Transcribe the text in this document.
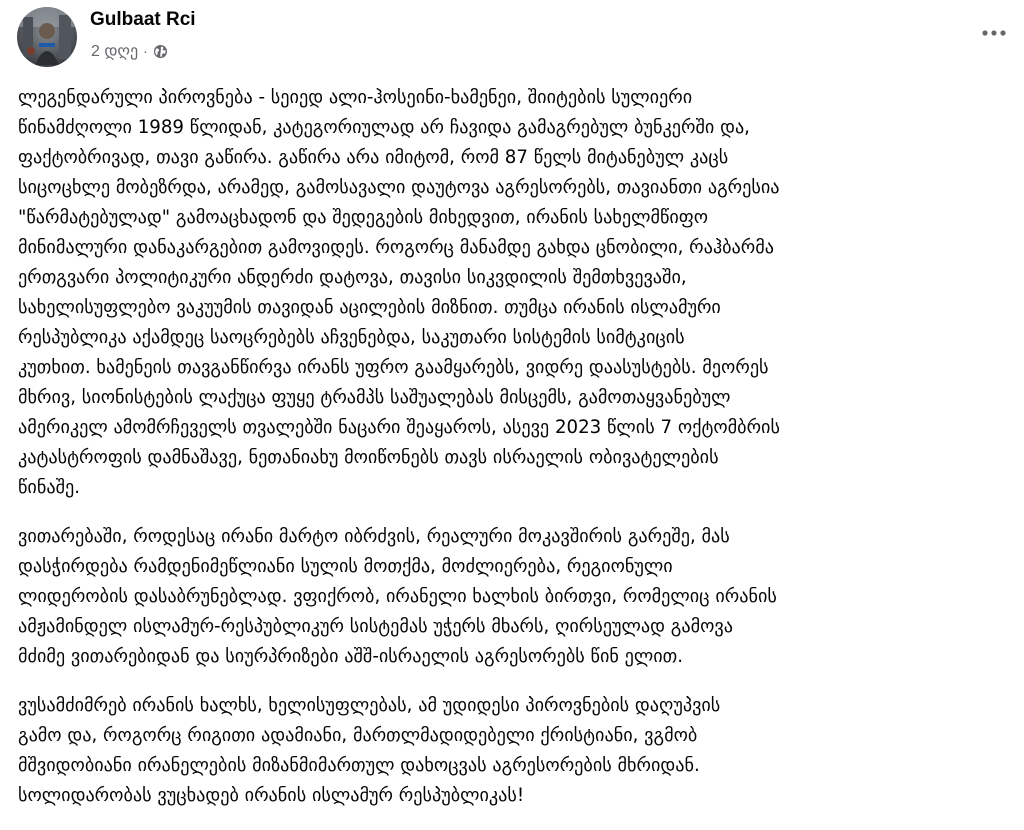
Gulbaat Rci
2 დღე ·

ლეგენდარული პიროვნება - სეიედ ალი-ჰოსეინი-ხამენეი, შიიტების სულიერი
წინამძღოლი 1989 წლიდან, კატეგორიულად არ ჩავიდა გამაგრებულ ბუნკერში და,
ფაქტობრივად, თავი გაწირა. გაწირა არა იმიტომ, რომ 87 წელს მიტანებულ კაცს
სიცოცხლე მობეზრდა, არამედ, გამოსავალი დაუტოვა აგრესორებს, თავიანთი აგრესია
"წარმატებულად" გამოაცხადონ და შედეგების მიხედვით, ირანის სახელმწიფო
მინიმალური დანაკარგებით გამოვიდეს. როგორც მანამდე გახდა ცნობილი, რაჰბარმა
ერთგვარი პოლიტიკური ანდერძი დატოვა, თავისი სიკვდილის შემთხვევაში,
სახელისუფლებო ვაკუუმის თავიდან აცილების მიზნით. თუმცა ირანის ისლამური
რესპუბლიკა აქამდეც საოცრებებს აჩვენებდა, საკუთარი სისტემის სიმტკიცის
კუთხით. ხამენეის თავგანწირვა ირანს უფრო გაამყარებს, ვიდრე დაასუსტებს. მეორეს
მხრივ, სიონისტების ლაქუცა ფუყე ტრამპს საშუალებას მისცემს, გამოთაყვანებულ
ამერიკელ ამომრჩეველს თვალებში ნაცარი შეაყაროს, ასევე 2023 წლის 7 ოქტომბრის
კატასტროფის დამნაშავე, ნეთანიახუ მოიწონებს თავს ისრაელის ობივატელების
წინაშე.

ვითარებაში, როდესაც ირანი მარტო იბრძვის, რეალური მოკავშირის გარეშე, მას
დასჭირდება რამდენიმეწლიანი სულის მოთქმა, მოძლიერება, რეგიონული
ლიდერობის დასაბრუნებლად. ვფიქრობ, ირანელი ხალხის ბირთვი, რომელიც ირანის
ამჟამინდელ ისლამურ-რესპუბლიკურ სისტემას უჭერს მხარს, ღირსეულად გამოვა
მძიმე ვითარებიდან და სიურპრიზები აშშ-ისრაელის აგრესორებს წინ ელით.

ვუსამძიმრებ ირანის ხალხს, ხელისუფლებას, ამ უდიდესი პიროვნების დაღუპვის
გამო და, როგორც რიგითი ადამიანი, მართლმადიდებელი ქრისტიანი, ვგმობ
მშვიდობიანი ირანელების მიზანმიმართულ დახოცვას აგრესორების მხრიდან.
სოლიდარობას ვუცხადებ ირანის ისლამურ რესპუბლიკას!
